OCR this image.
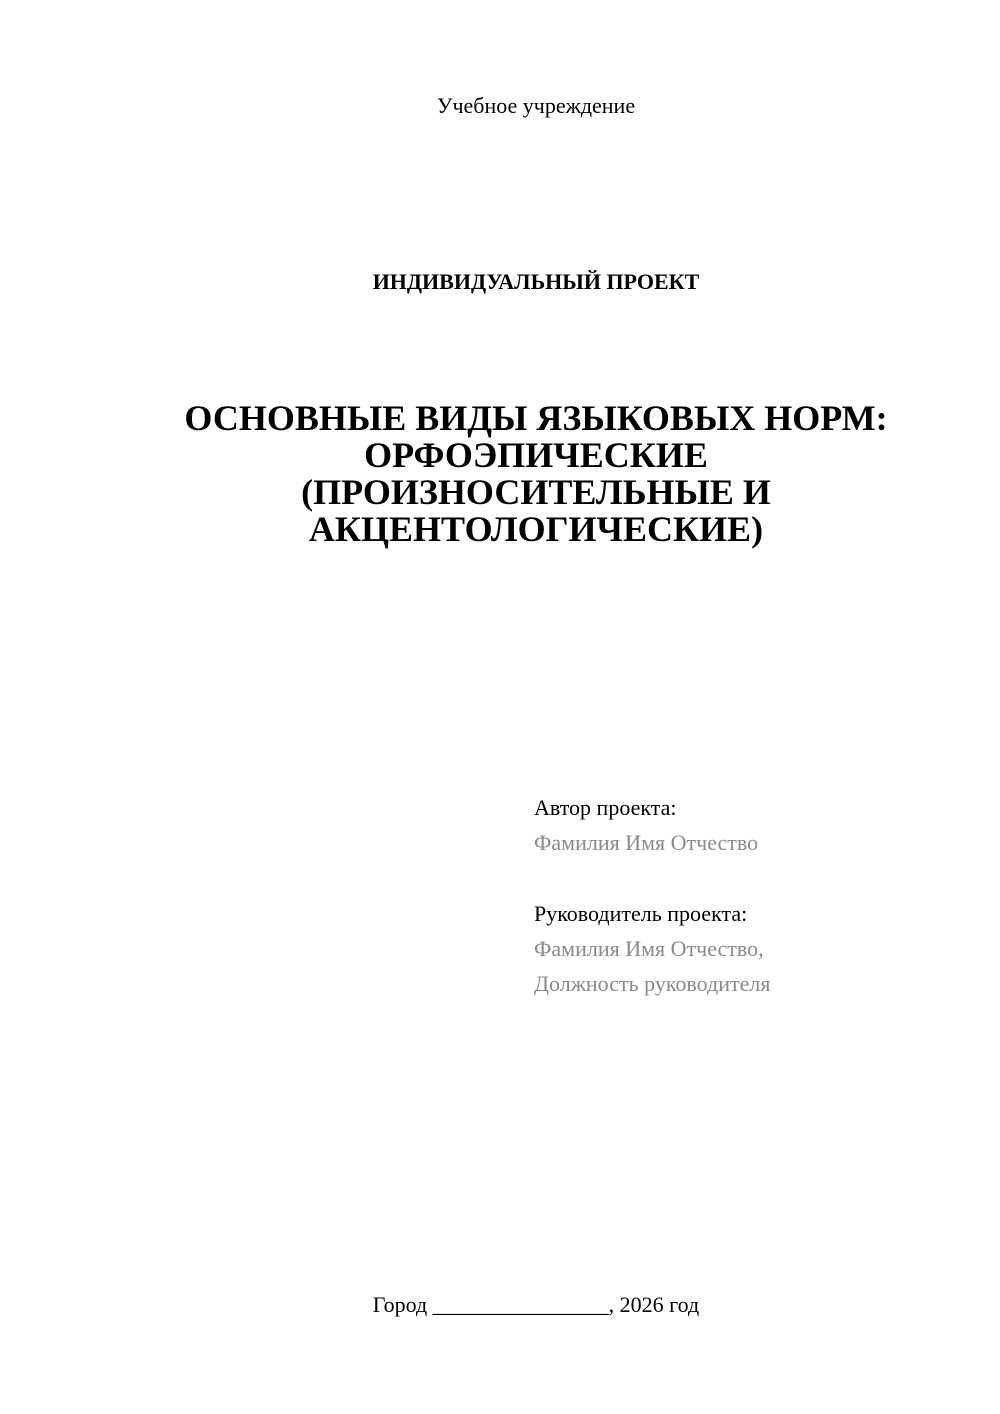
Учебное учреждение
ИНДИВИДУАЛЬНЫЙ ПРОЕКТ
ОСНОВНЫЕ ВИДЫ ЯЗЫКОВЫХ НОРМ:
ОРФОЭПИЧЕСКИЕ
(ПРОИЗНОСИТЕЛЬНЫЕ И
АКЦЕНТОЛОГИЧЕСКИЕ)
Автор проекта:
Фамилия Имя Отчество
Руководитель проекта:
Фамилия Имя Отчество,
Должность руководителя
Город ________________, 2026 год
